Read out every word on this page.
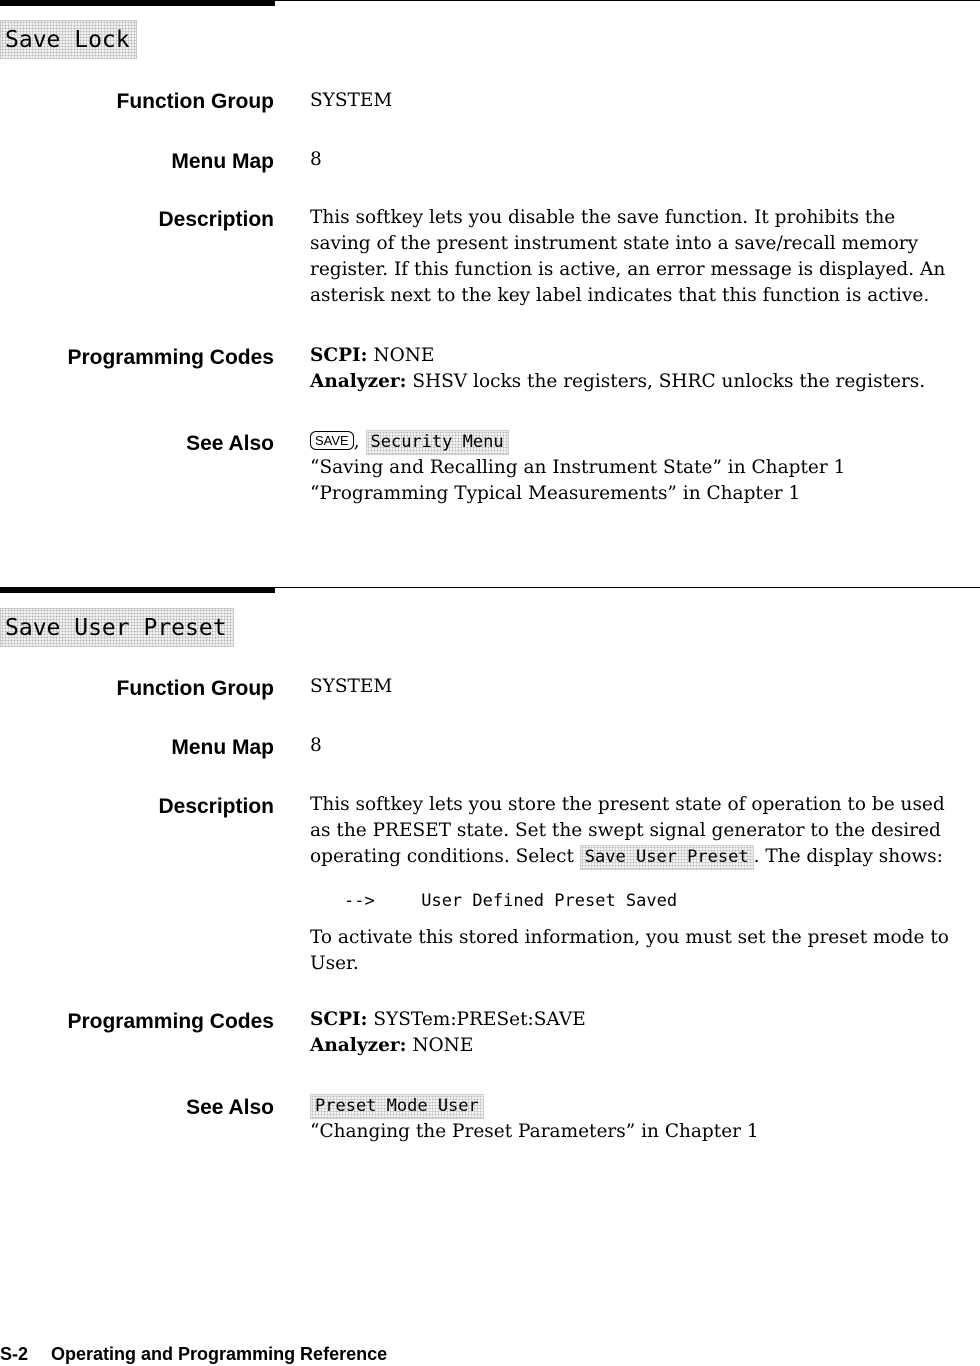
Save Lock
Function Group SYSTEM
Menu Map 8
Description This softkey lets you disable the save function. It prohibits the
saving of the present instrument state into a save/recall memory
register. If this function is active, an error message is displayed. An
asterisk next to the key label indicates that this function is active.
Programming Codes SCPI: NONE
Analyzer: SHSV locks the registers, SHRC unlocks the registers.
See Also	SAVE , Security Menu
“Saving and Recalling an Instrument State” in Chapter 1
“Programming Typical Measurements” in Chapter 1
Save User Preset
Function Group SYSTEM
Menu Map 8
Description This softkey lets you store the present state of operation to be used
as the PRESET state. Set the swept signal generator to the desired
operating conditions. Select Save User Preset . The display shows:
-->	User Defined Preset Saved
To activate this stored information, you must set the preset mode to
User.
Programming Codes SCPI: SYSTem:PRESet:SAVE
Analyzer: NONE
See Also Preset Mode User
“Changing the Preset Parameters” in Chapter 1
S-2 Operating and Programming Reference
